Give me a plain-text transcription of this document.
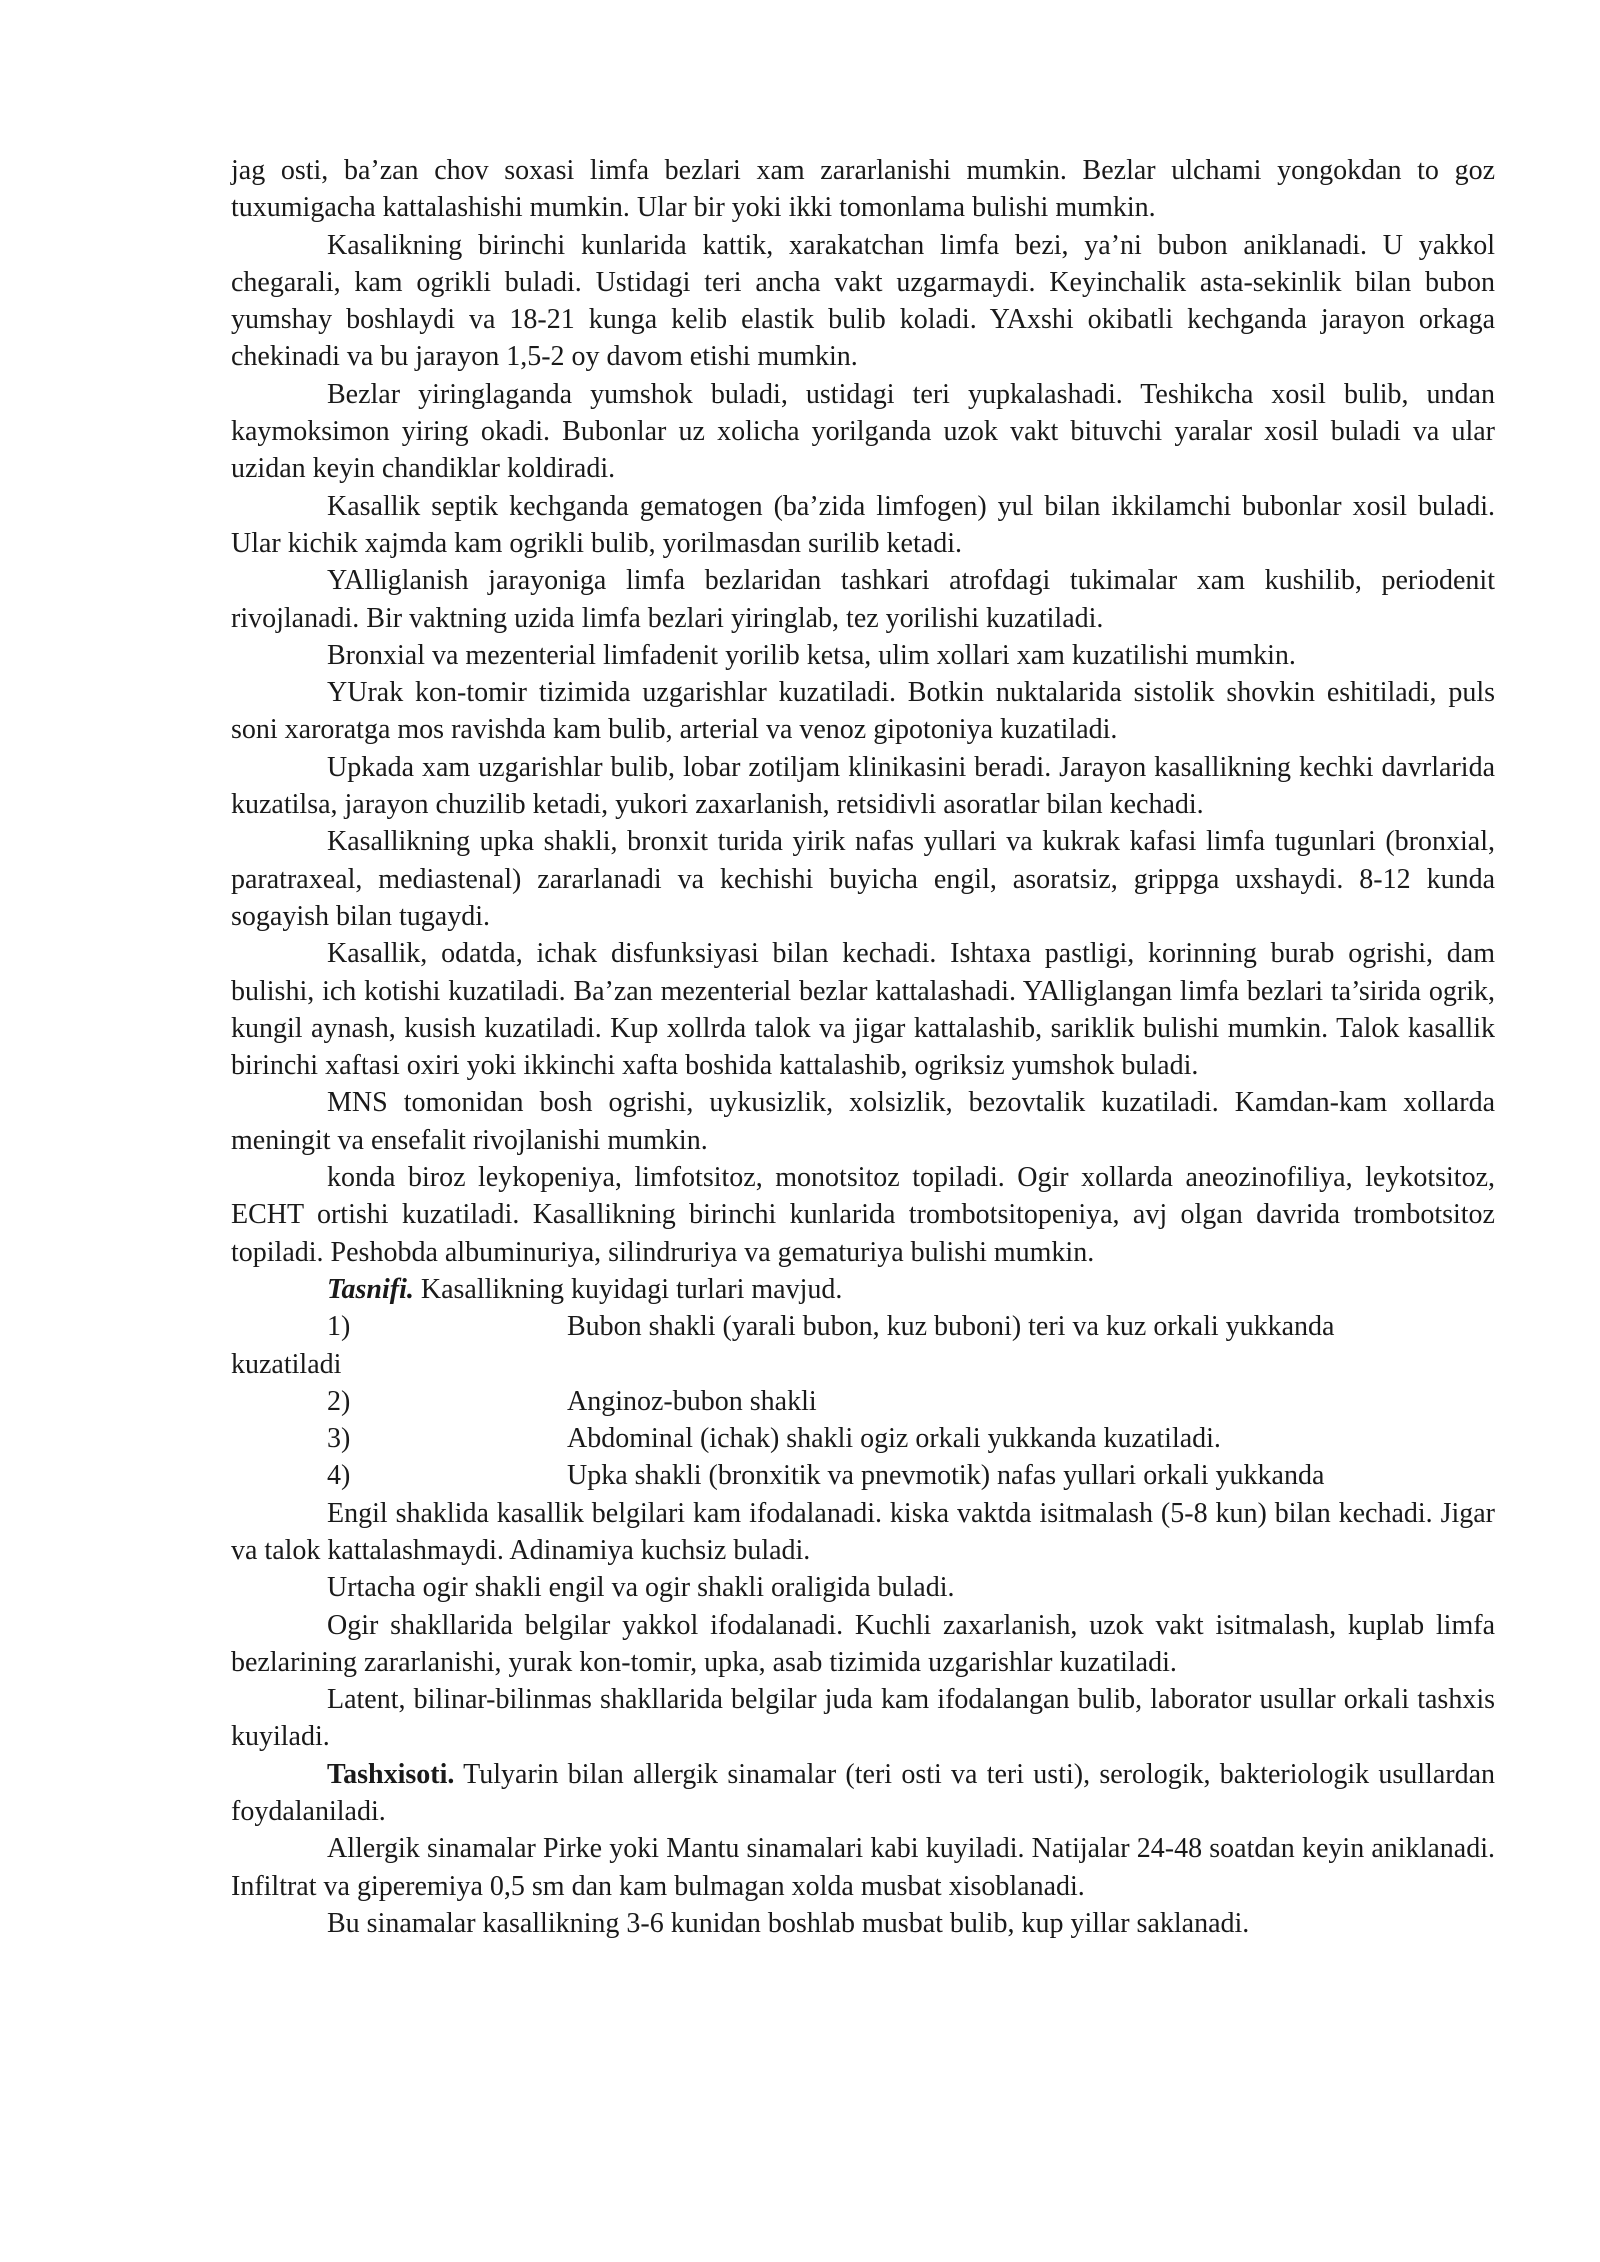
jag osti, ba’zan chov soxasi limfa bezlari xam zararlanishi mumkin. Bezlar ulchami yongokdan to goz tuxumigacha kattalashishi mumkin. Ular bir yoki ikki tomonlama bulishi mumkin.

Kasalikning birinchi kunlarida kattik, xarakatchan limfa bezi, ya’ni bubon aniklanadi. U yakkol chegarali, kam ogrikli buladi. Ustidagi teri ancha vakt uzgarmaydi. Keyinchalik asta-sekinlik bilan bubon yumshay boshlaydi va 18-21 kunga kelib elastik bulib koladi. YAxshi okibatli kechganda jarayon orkaga chekinadi va bu jarayon 1,5-2 oy davom etishi mumkin.

Bezlar yiringlaganda yumshok buladi, ustidagi teri yupkalashadi. Teshikcha xosil bulib, undan kaymoksimon yiring okadi. Bubonlar uz xolicha yorilganda uzok vakt bituvchi yaralar xosil buladi va ular uzidan keyin chandiklar koldiradi.

Kasallik septik kechganda gematogen (ba’zida limfogen) yul bilan ikkilamchi bubonlar xosil buladi. Ular kichik xajmda kam ogrikli bulib, yorilmasdan surilib ketadi.

YAlliglanish jarayoniga limfa bezlaridan tashkari atrofdagi tukimalar xam kushilib, periodenit rivojlanadi. Bir vaktning uzida limfa bezlari yiringlab, tez yorilishi kuzatiladi.

Bronxial va mezenterial limfadenit yorilib ketsa, ulim xollari xam kuzatilishi mumkin.

YUrak kon-tomir tizimida uzgarishlar kuzatiladi. Botkin nuktalarida sistolik shovkin eshitiladi, puls soni xaroratga mos ravishda kam bulib, arterial va venoz gipotoniya kuzatiladi.

Upkada xam uzgarishlar bulib, lobar zotiljam klinikasini beradi. Jarayon kasallikning kechki davrlarida kuzatilsa, jarayon chuzilib ketadi, yukori zaxarlanish, retsidivli asoratlar bilan kechadi.

Kasallikning upka shakli, bronxit turida yirik nafas yullari va kukrak kafasi limfa tugunlari (bronxial, paratraxeal, mediastenal) zararlanadi va kechishi buyicha engil, asoratsiz, grippga uxshaydi. 8-12 kunda sogayish bilan tugaydi.

Kasallik, odatda, ichak disfunksiyasi bilan kechadi. Ishtaxa pastligi, korinning burab ogrishi, dam bulishi, ich kotishi kuzatiladi. Ba’zan mezenterial bezlar kattalashadi. YAlliglangan limfa bezlari ta’sirida ogrik, kungil aynash, kusish kuzatiladi. Kup xollrda talok va jigar kattalashib, sariklik bulishi mumkin. Talok kasallik birinchi xaftasi oxiri yoki ikkinchi xafta boshida kattalashib, ogriksiz yumshok buladi.

MNS tomonidan bosh ogrishi, uykusizlik, xolsizlik, bezovtalik kuzatiladi. Kamdan-kam xollarda meningit va ensefalit rivojlanishi mumkin.

konda biroz leykopeniya, limfotsitoz, monotsitoz topiladi. Ogir xollarda aneozinofiliya, leykotsitoz, ECHT ortishi kuzatiladi. Kasallikning birinchi kunlarida trombotsitopeniya, avj olgan davrida trombotsitoz topiladi. Peshobda albuminuriya, silindruriya va gematuriya bulishi mumkin.

Tasnifi. Kasallikning kuyidagi turlari mavjud.

1)	Bubon shakli (yarali bubon, kuz buboni) teri va kuz orkali yukkanda
kuzatiladi
2)	Anginoz-bubon shakli
3)	Abdominal (ichak) shakli ogiz orkali yukkanda kuzatiladi.
4)	Upka shakli (bronxitik va pnevmotik) nafas yullari orkali yukkanda

Engil shaklida kasallik belgilari kam ifodalanadi. kiska vaktda isitmalash (5-8 kun) bilan kechadi. Jigar va talok kattalashmaydi. Adinamiya kuchsiz buladi.

Urtacha ogir shakli engil va ogir shakli oraligida buladi.

Ogir shakllarida belgilar yakkol ifodalanadi. Kuchli zaxarlanish, uzok vakt isitmalash, kuplab limfa bezlarining zararlanishi, yurak kon-tomir, upka, asab tizimida uzgarishlar kuzatiladi.

Latent, bilinar-bilinmas shakllarida belgilar juda kam ifodalangan bulib, laborator usullar orkali tashxis kuyiladi.

Tashxisoti. Tulyarin bilan allergik sinamalar (teri osti va teri usti), serologik, bakteriologik usullardan foydalaniladi.

Allergik sinamalar Pirke yoki Mantu sinamalari kabi kuyiladi. Natijalar 24-48 soatdan keyin aniklanadi. Infiltrat va giperemiya 0,5 sm dan kam bulmagan xolda musbat xisoblanadi.

Bu sinamalar kasallikning 3-6 kunidan boshlab musbat bulib, kup yillar saklanadi.
